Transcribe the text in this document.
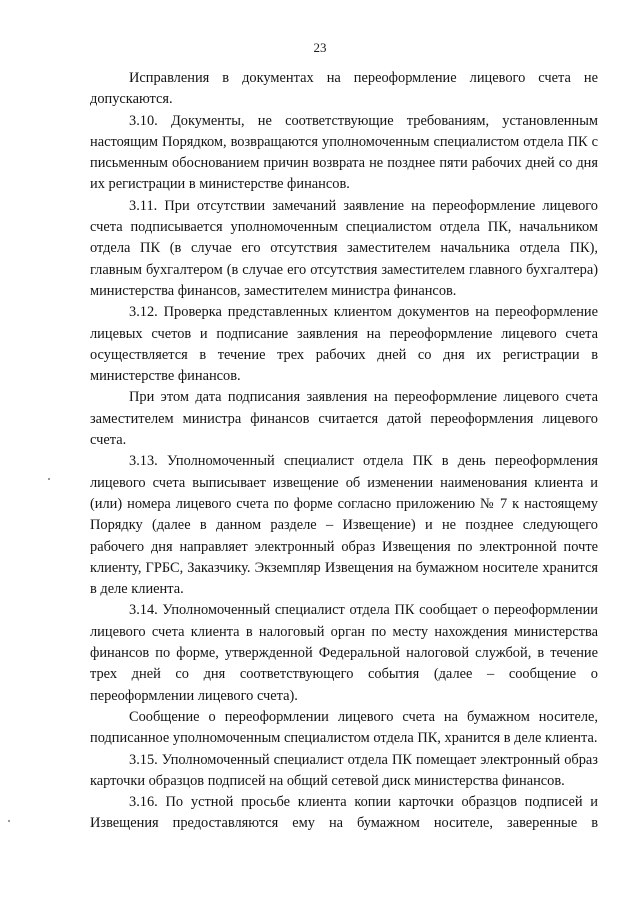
23

Исправления в документах на переоформление лицевого счета не допускаются.

3.10. Документы, не соответствующие требованиям, установленным настоящим Порядком, возвращаются уполномоченным специалистом отдела ПК с письменным обоснованием причин возврата не позднее пяти рабочих дней со дня их регистрации в министерстве финансов.

3.11. При отсутствии замечаний заявление на переоформление лицевого счета подписывается уполномоченным специалистом отдела ПК, начальником отдела ПК (в случае его отсутствия заместителем начальника отдела ПК), главным бухгалтером (в случае его отсутствия заместителем главного бухгалтера) министерства финансов, заместителем министра финансов.

3.12. Проверка представленных клиентом документов на переоформление лицевых счетов и подписание заявления на переоформление лицевого счета осуществляется в течение трех рабочих дней со дня их регистрации в министерстве финансов.

При этом дата подписания заявления на переоформление лицевого счета заместителем министра финансов считается датой переоформления лицевого счета.

3.13. Уполномоченный специалист отдела ПК в день переоформления лицевого счета выписывает извещение об изменении наименования клиента и (или) номера лицевого счета по форме согласно приложению № 7 к настоящему Порядку (далее в данном разделе – Извещение) и не позднее следующего рабочего дня направляет электронный образ Извещения по электронной почте клиенту, ГРБС, Заказчику. Экземпляр Извещения на бумажном носителе хранится в деле клиента.

3.14. Уполномоченный специалист отдела ПК сообщает о переоформлении лицевого счета клиента в налоговый орган по месту нахождения министерства финансов по форме, утвержденной Федеральной налоговой службой, в течение трех дней со дня соответствующего события (далее – сообщение о переоформлении лицевого счета).

Сообщение о переоформлении лицевого счета на бумажном носителе, подписанное уполномоченным специалистом отдела ПК, хранится в деле клиента.

3.15. Уполномоченный специалист отдела ПК помещает электронный образ карточки образцов подписей на общий сетевой диск министерства финансов.

3.16. По устной просьбе клиента копии карточки образцов подписей и Извещения предоставляются ему на бумажном носителе, заверенные в
